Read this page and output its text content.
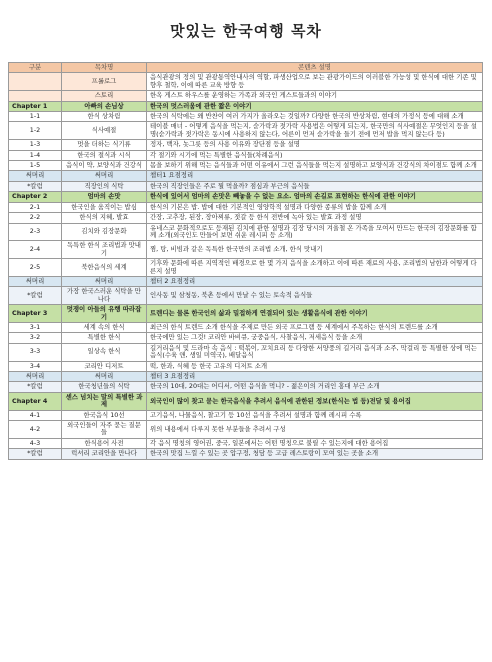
맛있는 한국여행 목차
구분	목차명	콘텐츠 설명
	프롤로그	음식관광의 정의 및 관광통역안내사의 역할, 파생산업으로 보는 관광가이드의 이러블한 가능성 및 한식에 대한 기존 및 향후 철학, 이에 따른 교육 방향 등
	스토리	한옥 게스트 하우스를 운영하는 가족과 외국인 게스트들과의 이야기
Chapter 1	아빠의 손님상	한국의 멋스러움에 관한 짧은 이야기
1-1	한식 상차림	한국의 식탁에는 왜 반찬이 여러 가지가 올라오는 것일까? 다양한 한국의 반상차림, 현대의 가정식 등에 대해 소개
1-2	식사예절	테이블 매너 - 어떻게 음식을 먹는지, 숟가락과 젓가락 사용법은 어떻게 되는지, 한국만의 식사예절은 무엇인지 등을 설명(숟가락과 젓가락은 동시에 사용하지 않는다, 어른이 먼저 숟가락을 들기 전에 먼저 밥을 먹지 않는다 등)
1-3	멋을 더하는 식기류	정자, 백자, 놋그릇 등의 사용 이유와 장단점 등을 설명
1-4	한국의 절식과 시식	각 절기와 시기에 먹는 특별한 음식들(차례음식)
1-5	음식이 약, 보양식과 건강식	몸을 보하기 위해 먹는 음식들과 어떤 이유에서 그런 음식들을 먹는지 설명하고 보양식과 건강식의 차이점도 함께 소개
써머리	써머리	챕터1 요점정리
*칼럼	직장인의 식탁	한국의 직장인들은 주로 뭘 먹을까? 점심과 부근의 음식들
Chapter 2	엄마의 손맛	한식에 있어서 엄마의 손맛은 빼놓을 수 없는 요소. 엄마의 손길로 표현하는 한식에 관한 이야기
2-1	한국인을 움직이는 밥심	한식의 기본은 밥. 밥에 대한 기본적인 영양학적 설명과 다양한 종류의 밥을 함께 소개
2-2	한식의 지혜, 발효	간장, 고추장, 된장, 장아찌류, 젓갈 등 한식 전반에 녹아 있는 발효 과정 설명
2-3	김치와 김장문화	유네스코 문화적으로도 등재된 김치에 관한 설명과 김장 당시의 겨울철 온 가족을 모여서 만드는 한국의 김장문화를 함께 소개(외국인도 만들어 보면 쉬운 레시피 등 소개)
2-4	독특한 한식 조리법과 맛내기	찜, 탕, 비빔과 같은 독특한 한국만의 조리법 소개, 한식 맛내기
2-5	북한음식의 세계	기후와 문화에 따른 지역적인 배경으로 한 몇 가지 음식을 소개하고 이에 따른 재료의 사용, 조리법의 남한과 어떻게 다른지 설명
써머리	써머리	챕터 2 요점정리
*칼럼	가장 한국스러운 식탁을 만나다	인사동 및 삼청동, 북촌 등에서 만날 수 있는 토속적 음식들
Chapter 3	멋쟁이 아들의 유행 따라잡기	트렌디는 물론 한국인의 삶과 밀접하게 연결되어 있는 생활음식에 관한 이야기
3-1	세계 속의 한식	최근의 한식 트렌드 소개 한식을 주제로 만든 외국 프로그램 등 세계에서 주목하는 한식의 트렌드를 소개
3-2	특별한 한식	한국에만 있는 그것! 코리안 바비큐, 궁중음식, 사찰음식, 저세음식 등을 소개
3-3	일상속 한식	길거리음식 및 드라마 속 음식 : 떡볶이, 꼬치요리 등 다양한 서양풍의 길거리 음식과 소주, 막걸리 등 특별한 상에 먹는 음식(수육 앤, 생일 미역국), 배달음식
3-4	코리안 디저트	떡, 한과, 식혜 등 한국 고유의 디저트 소개
써머리	써머리	챕터 3 요점정리
*칼럼	한국청년들의 식탁	한국의 10대, 20대는 어디서, 어떤 음식을 먹니? - 젊은이의 거리인 홍대 부근 소개
Chapter 4	센스 넘치는 말의 특별한 과제	외국인이 많이 찾고 묻는 한국음식을 추려서 음식에 관한된 정보(한식는 법 등)전달 및 용어집
4-1	한국음식 10선	고기음식, 나물음식, 찰고기 등 10선 음식을 추려서 설명과 함께 레시피 수록
4-2	외국인들이 자주 묻는 질문들	위의 내용에서 다루지 못한 부분들을 추려서 구성
4-3	한식용어 사전	각 음식 명칭의 영어권, 중국, 일본에서는 어떤 명칭으로 불릴 수 있는지에 대한 용어집
*칼럼	럭셔리 코리안을 만나다	한국의 맛집 느낄 수 있는 곳 압구정, 청담 등 고급 레스토랑이 모여 있는 곳을 소개
